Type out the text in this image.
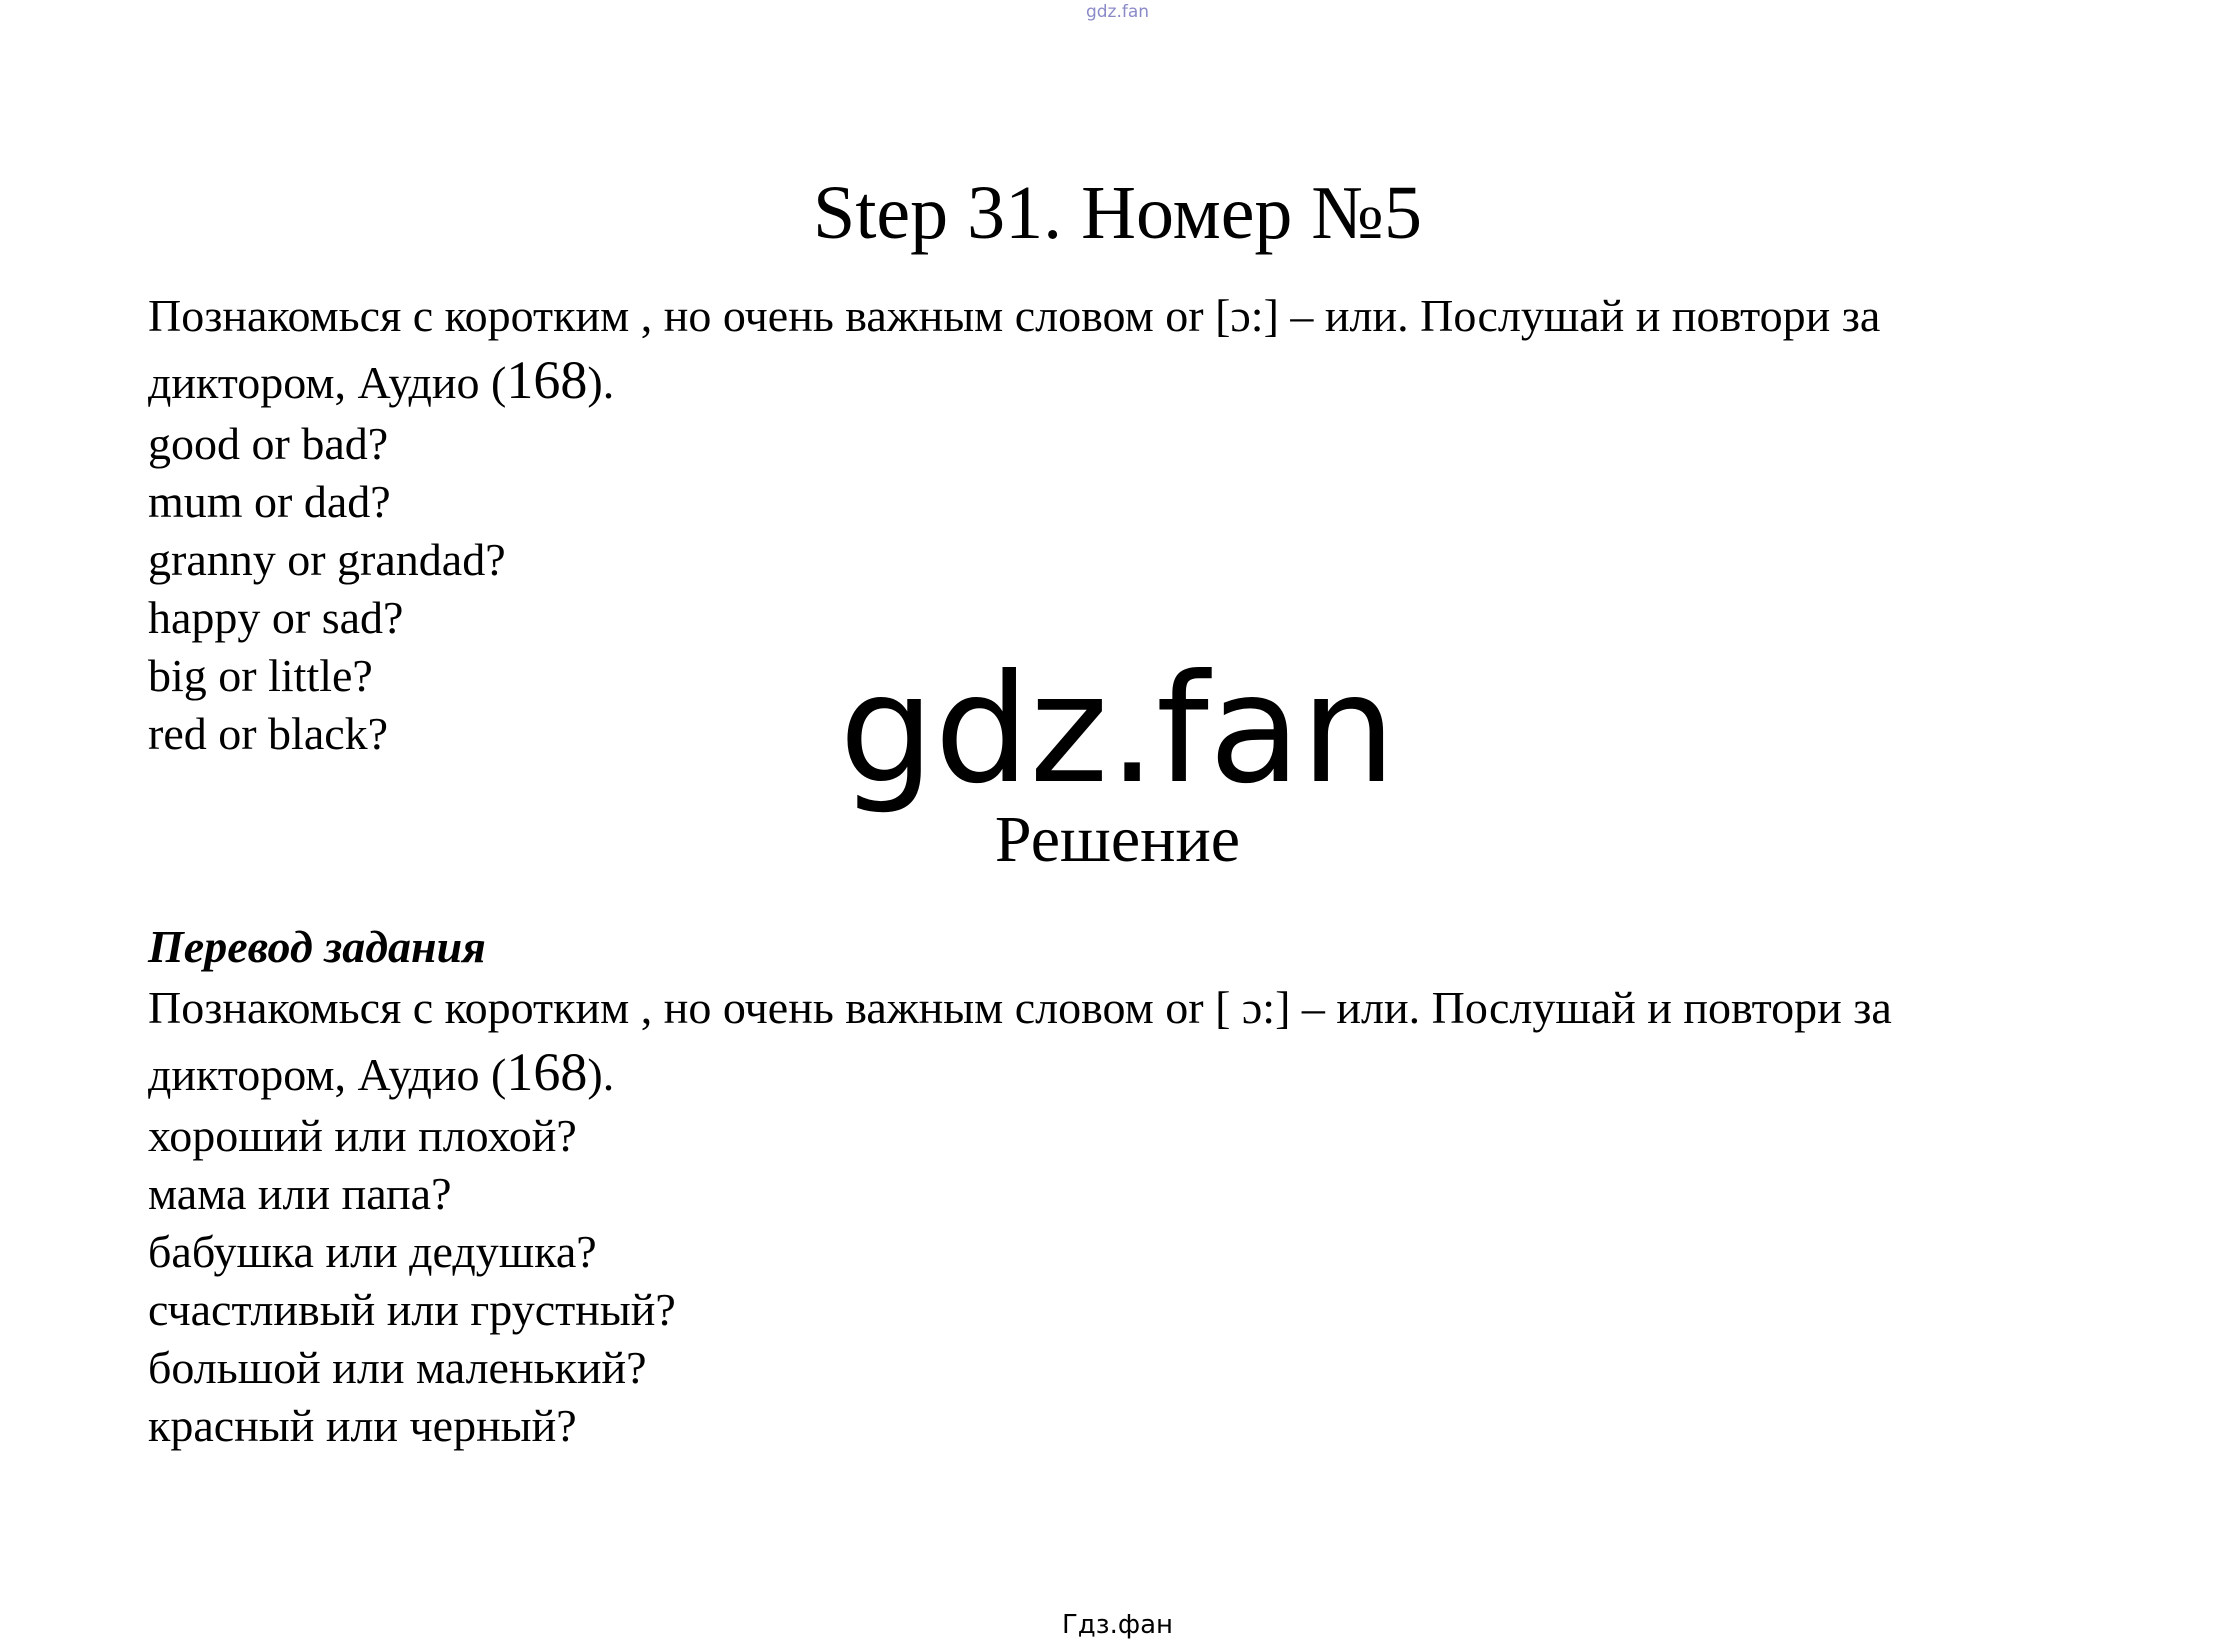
gdz.fan
Step 31. Номер №5
Познакомься с коротким , но очень важным словом or [ɔ:] – или. Послушай и повтори за
диктором, Аудио (168).
good or bad?
mum or dad?
granny or grandad?
happy or sad?
big or little?
red or black?	gdz.fan
Решение
Перевод задания
Познакомься с коротким , но очень важным словом or [ ɔ:] – или. Послушай и повтори за
диктором, Аудио (168).
хороший или плохой?
мама или папа?
бабушка или дедушка?
счастливый или грустный?
большой или маленький?
красный или черный?
Гдз.фан
